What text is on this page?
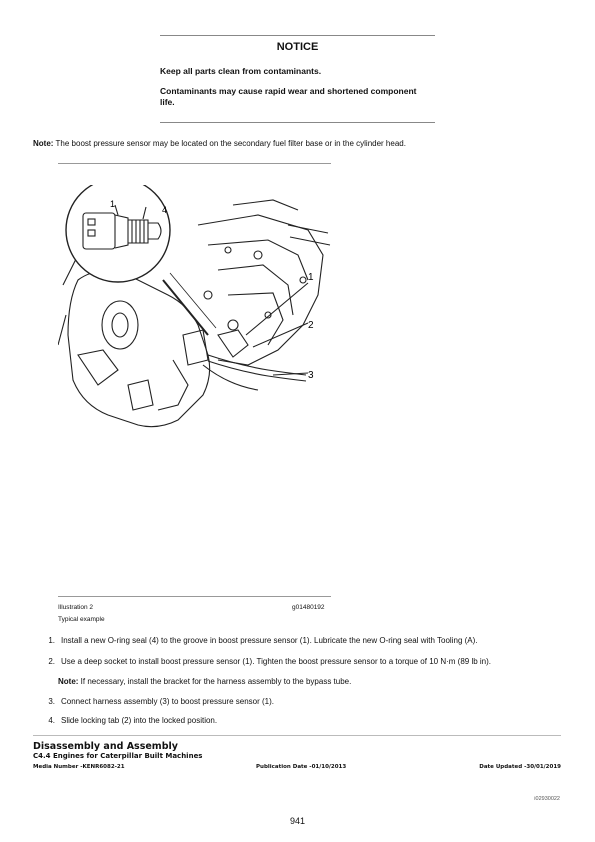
NOTICE
Keep all parts clean from contaminants.
Contaminants may cause rapid wear and shortened component
life.
Note: The boost pressure sensor may be located on the secondary fuel filter base or in the cylinder head.
1
4
1
2
3
Illustration 2	g01480192
Typical example
1. Install a new O-ring seal (4) to the groove in boost pressure sensor (1). Lubricate the new O-ring seal with Tooling (A).
2. Use a deep socket to install boost pressure sensor (1). Tighten the boost pressure sensor to a torque of 10 N·m (89 lb in).
Note: If necessary, install the bracket for the harness assembly to the bypass tube.
3. Connect harness assembly (3) to boost pressure sensor (1).
4. Slide locking tab (2) into the locked position.
Disassembly and Assembly
C4.4 Engines for Caterpillar Built Machines
Media Number -KENR6082-21	Publication Date -01/10/2013	Date Updated -30/01/2019
i02930022
941
